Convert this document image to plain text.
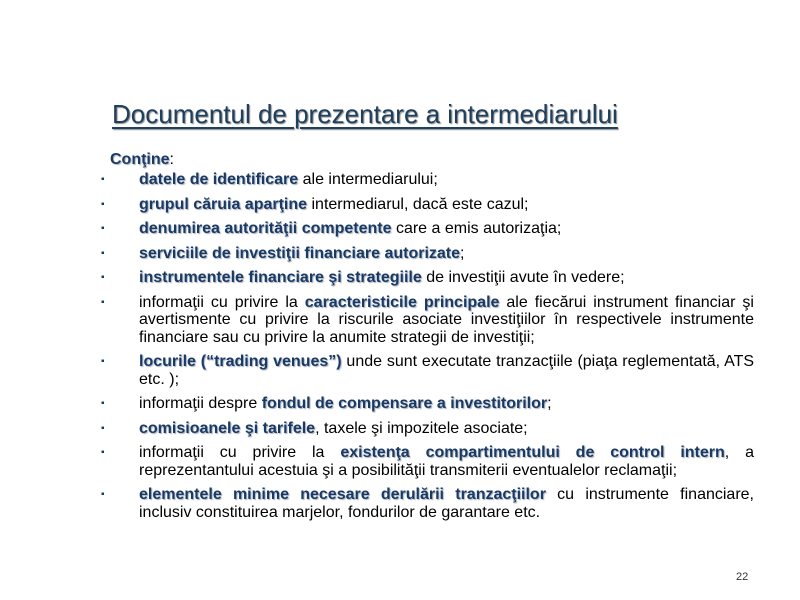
Documentul de prezentare a intermediarului
Conţine:
▪ datele de identificare ale intermediarului;
▪ grupul căruia aparţine intermediarul, dacă este cazul;
▪ denumirea autorităţii competente care a emis autorizaţia;
▪ serviciile de investiţii financiare autorizate;
▪ instrumentele financiare şi strategiile de investiţii avute în vedere;
▪ informaţii cu privire la caracteristicile principale ale fiecărui instrument financiar şi avertismente cu privire la riscurile asociate investiţiilor în respectivele instrumente financiare sau cu privire la anumite strategii de investiţii;
▪ locurile (“trading venues”) unde sunt executate tranzacţiile (piaţa reglementată, ATS etc. );
▪ informaţii despre fondul de compensare a investitorilor;
▪ comisioanele şi tarifele, taxele şi impozitele asociate;
▪ informaţii cu privire la existenţa compartimentului de control intern, a reprezentantului acestuia şi a posibilităţii transmiterii eventualelor reclamaţii;
▪ elementele minime necesare derulării tranzacţiilor cu instrumente financiare, inclusiv constituirea marjelor, fondurilor de garantare etc.
22
